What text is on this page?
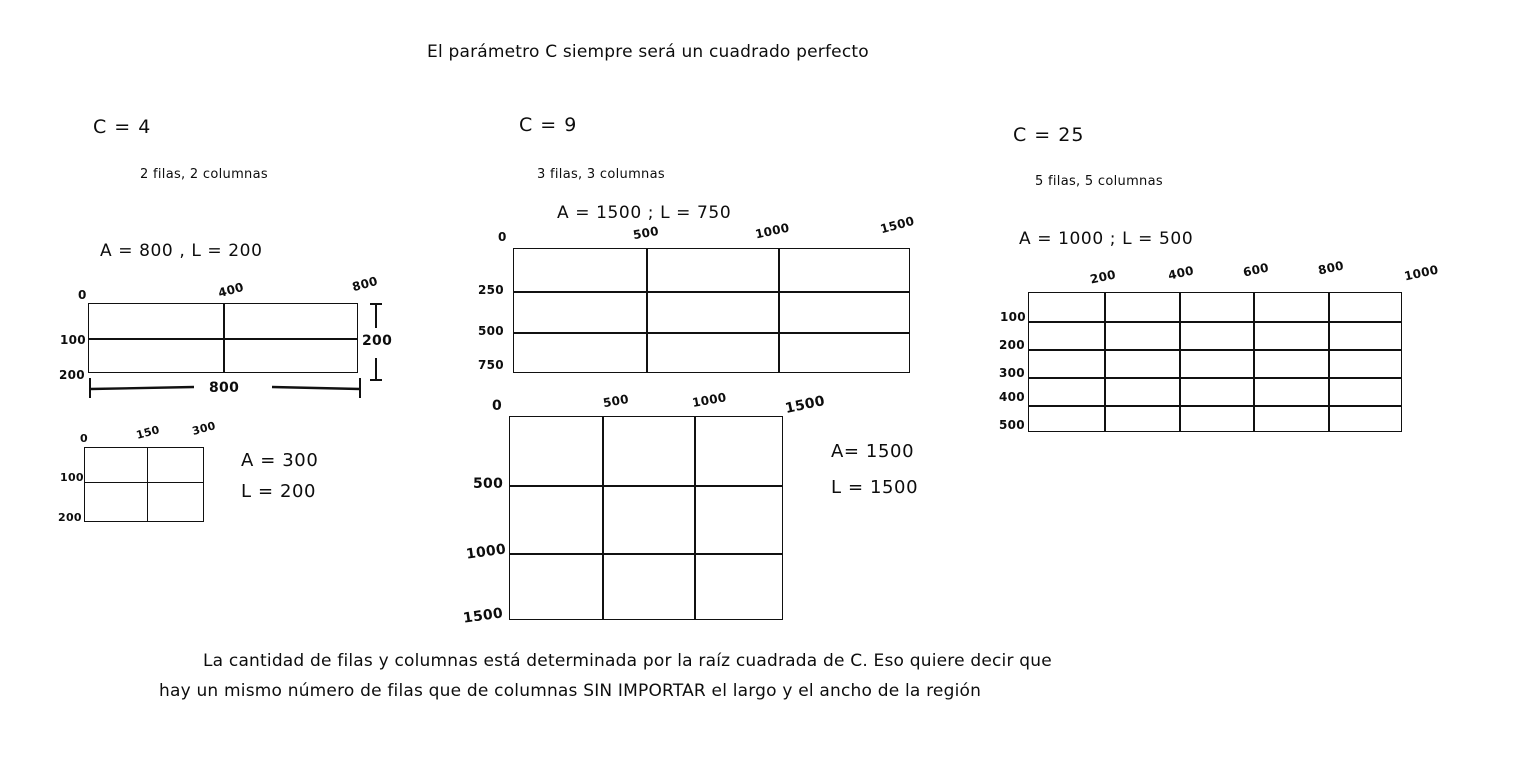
El parámetro C siempre será un cuadrado perfecto
C = 4
2 filas, 2 columnas
A = 800 , L = 200
0	400	800
100
200
200
800
0	150	300
100
200
A = 300
L = 200
C = 9
3 filas, 3 columnas
A = 1500 ; L = 750
0	500	1000	1500
250
500
750
0	500	1000	1500
500
1000
1500
A= 1500
L = 1500
C = 25
5 filas, 5 columnas
A = 1000 ; L = 500
200	400	600	800	1000
100
200
300
400
500
La cantidad de filas y columnas está determinada por la raíz cuadrada de C. Eso quiere decir que
hay un mismo número de filas que de columnas SIN IMPORTAR el largo y el ancho de la región
